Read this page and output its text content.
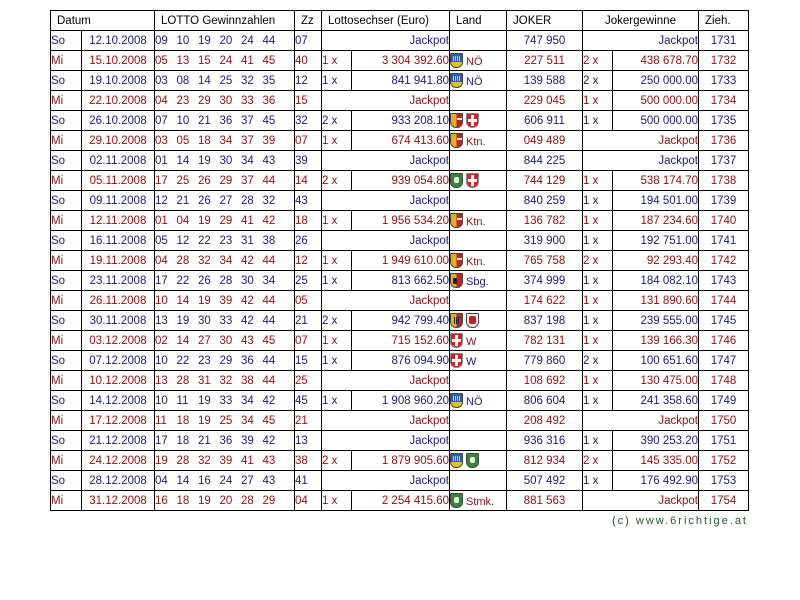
Datum		LOTTO Gewinnzahlen	Zz	Lottosechser (Euro)		Land	JOKER	Jokergewinne		Zieh.
So	12.10.2008	09 10 19 20 24 44	07	Jackpot			747 950	Jackpot		1731
Mi	15.10.2008	05 13 15 24 41 45	40	1 x	3 304 392.60	NÖ	227 511	2 x	438 678.70	1732
So	19.10.2008	03 08 14 25 32 35	12	1 x	841 941.80	NÖ	139 588	2 x	250 000.00	1733
Mi	22.10.2008	04 23 29 30 33 36	15	Jackpot			229 045	1 x	500 000.00	1734
So	26.10.2008	07 10 21 36 37 45	32	2 x	933 208.10		606 911	1 x	500 000.00	1735
Mi	29.10.2008	03 05 18 34 37 39	07	1 x	674 413.60	Ktn.	049 489	Jackpot		1736
So	02.11.2008	01 14 19 30 34 43	39	Jackpot			844 225	Jackpot		1737
Mi	05.11.2008	17 25 26 29 37 44	14	2 x	939 054.80		744 129	1 x	538 174.70	1738
So	09.11.2008	12 21 26 27 28 32	43	Jackpot			840 259	1 x	194 501.00	1739
Mi	12.11.2008	01 04 19 29 41 42	18	1 x	1 956 534.20	Ktn.	136 782	1 x	187 234.60	1740
So	16.11.2008	05 12 22 23 31 38	26	Jackpot			319 900	1 x	192 751.00	1741
Mi	19.11.2008	04 28 32 34 42 44	12	1 x	1 949 610.00	Ktn.	765 758	2 x	92 293.40	1742
So	23.11.2008	17 22 26 28 30 34	25	1 x	813 662.50	Sbg.	374 999	1 x	184 082.10	1743
Mi	26.11.2008	10 14 19 39 42 44	05	Jackpot			174 622	1 x	131 890.60	1744
So	30.11.2008	13 19 30 33 42 44	21	2 x	942 799.40		837 198	1 x	239 555.00	1745
Mi	03.12.2008	02 14 27 30 43 45	07	1 x	715 152.60	W	782 131	1 x	139 166.30	1746
So	07.12.2008	10 22 23 29 36 44	15	1 x	876 094.90	W	779 860	2 x	100 651.60	1747
Mi	10.12.2008	13 28 31 32 38 44	25	Jackpot			108 692	1 x	130 475.00	1748
So	14.12.2008	10 11 19 33 34 42	45	1 x	1 908 960.20	NÖ	806 604	1 x	241 358.60	1749
Mi	17.12.2008	11 18 19 25 34 45	21	Jackpot			208 492	Jackpot		1750
So	21.12.2008	17 18 21 36 39 42	13	Jackpot			936 316	1 x	390 253.20	1751
Mi	24.12.2008	19 28 32 39 41 43	38	2 x	1 879 905.60		812 934	2 x	145 335.00	1752
So	28.12.2008	04 14 16 24 27 43	41	Jackpot			507 492	1 x	176 492.90	1753
Mi	31.12.2008	16 18 19 20 28 29	04	1 x	2 254 415.60	Stmk.	881 563	Jackpot		1754
(c) www.6richtige.at
